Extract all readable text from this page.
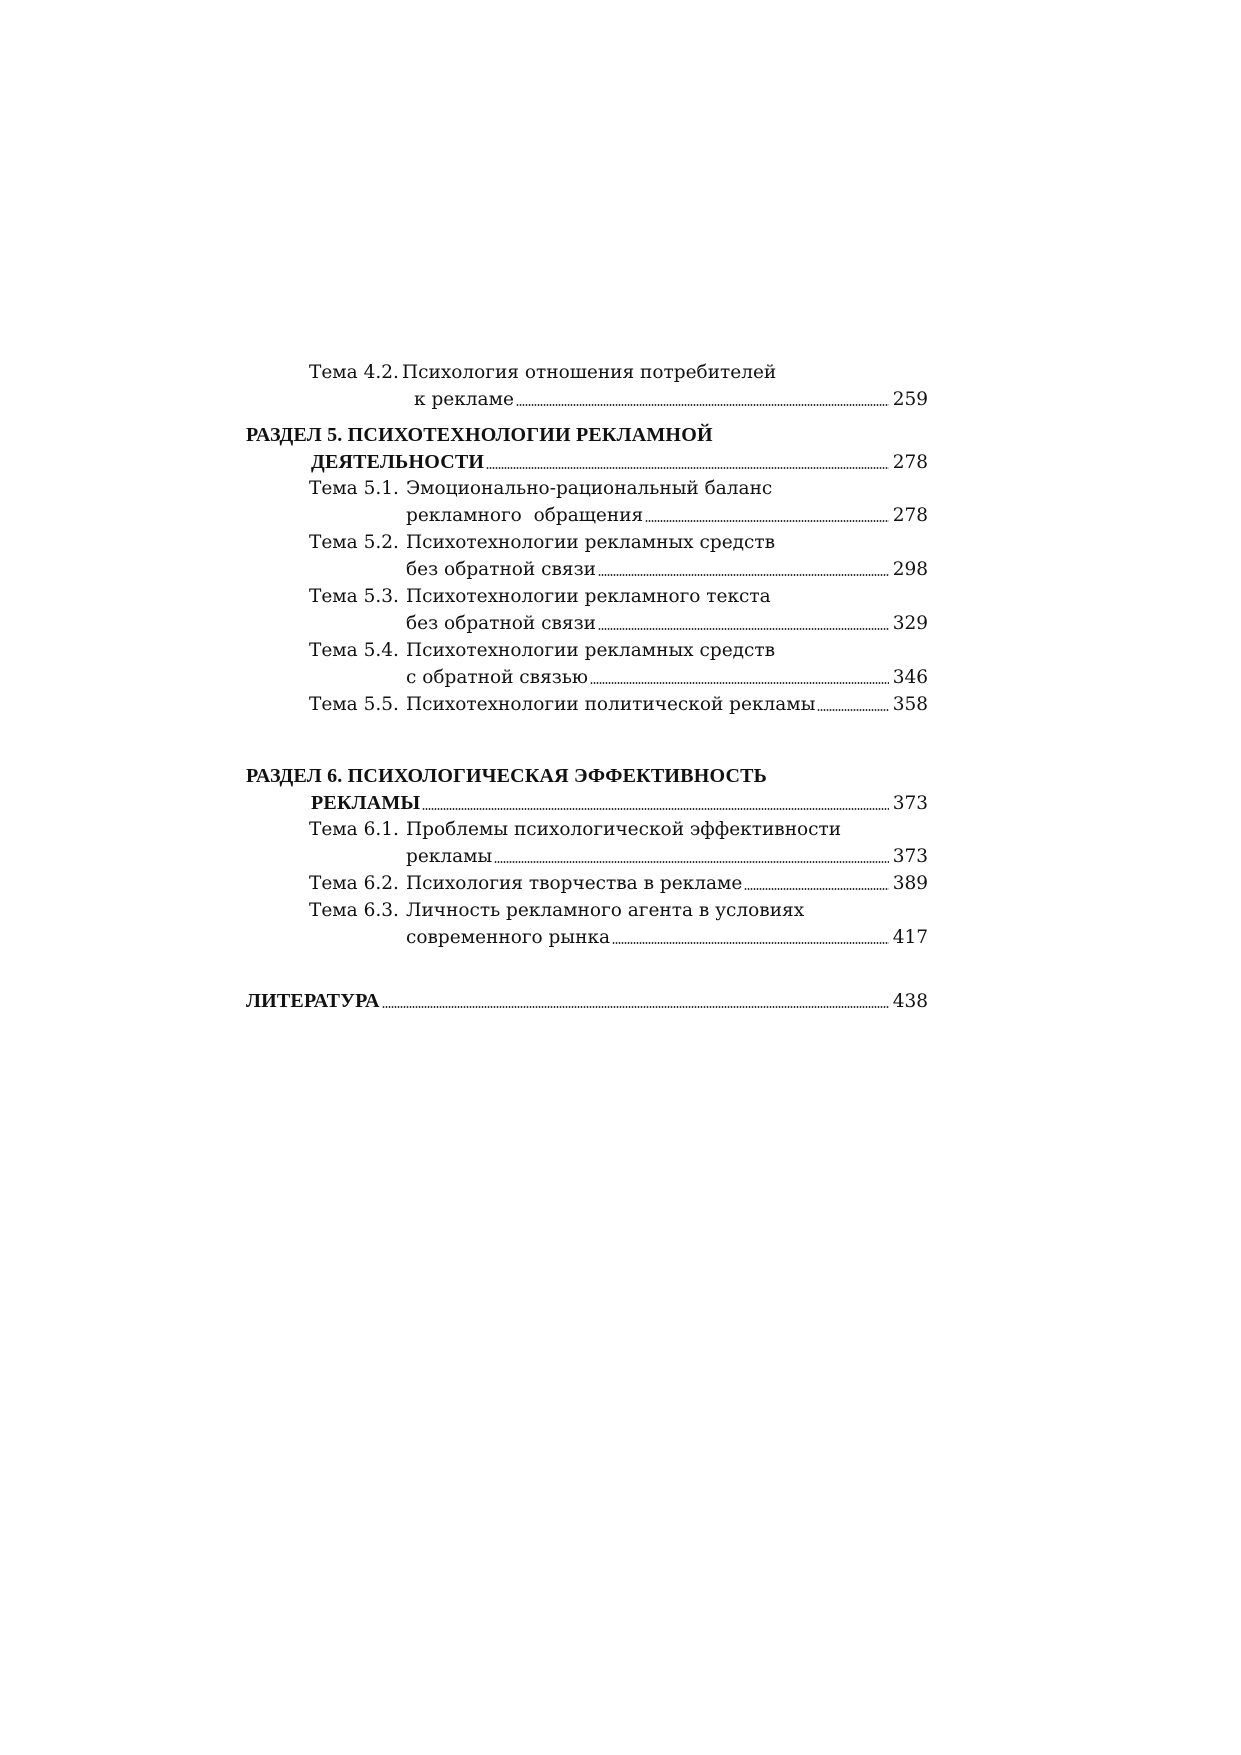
Тема 4.2. Психология отношения потребителей
к рекламе	259
РАЗДЕЛ 5. ПСИХОТЕХНОЛОГИИ РЕКЛАМНОЙ
ДЕЯТЕЛЬНОСТИ	278
Тема 5.1. Эмоционально-рациональный баланс
рекламного  обращения	278
Тема 5.2. Психотехнологии рекламных средств
без обратной связи	298
Тема 5.3. Психотехнологии рекламного текста
без обратной связи	329
Тема 5.4. Психотехнологии рекламных средств
с обратной связью	346
Тема 5.5. Психотехнологии политической рекламы	358
РАЗДЕЛ 6. ПСИХОЛОГИЧЕСКАЯ ЭФФЕКТИВНОСТЬ
РЕКЛАМЫ	373
Тема 6.1. Проблемы психологической эффективности
рекламы	373
Тема 6.2. Психология творчества в рекламе	389
Тема 6.3. Личность рекламного агента в условиях
современного рынка	417
ЛИТЕРАТУРА	438
